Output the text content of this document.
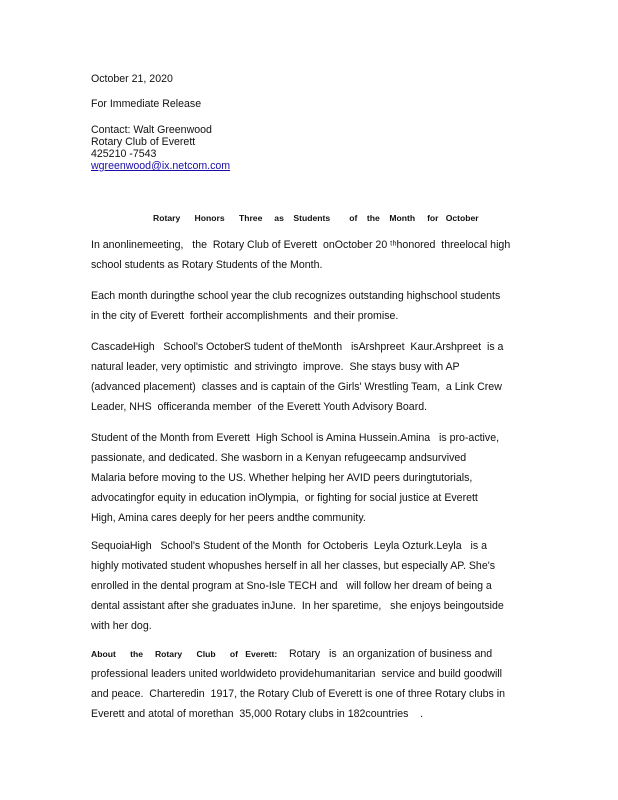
October 21, 2020
For Immediate Release
Contact: Walt Greenwood
Rotary Club of Everett
425210 -7543
wgreenwood@ix.netcom.com
Rotary      Honors      Three     as    Students        of    the    Month     for   October
In anonlinemeeting,   the  Rotary Club of Everett  onOctober 20 ᵗʰhonored  threelocal high
school students as Rotary Students of the Month.
Each month duringthe school year the club recognizes outstanding highschool students
in the city of Everett  fortheir accomplishments  and their promise.
CascadeHigh   School's OctoberS tudent of theMonth   isArshpreet  Kaur.Arshpreet  is a
natural leader, very optimistic  and strivingto  improve.  She stays busy with AP
(advanced placement)  classes and is captain of the Girls' Wrestling Team,  a Link Crew
Leader, NHS  officeranda member  of the Everett Youth Advisory Board.
Student of the Month from Everett  High School is Amina Hussein.Amina   is pro-active,
passionate, and dedicated. She wasborn in a Kenyan refugeecamp andsurvived
Malaria before moving to the US. Whether helping her AVID peers duringtutorials,
advocatingfor equity in education inOlympia,  or fighting for social justice at Everett
High, Amina cares deeply for her peers andthe community.
SequoiaHigh   School's Student of the Month  for Octoberis  Leyla Ozturk.Leyla   is a
highly motivated student whopushes herself in all her classes, but especially AP. She's
enrolled in the dental program at Sno-Isle TECH and   will follow her dream of being a
dental assistant after she graduates inJune.  In her sparetime,   she enjoys beingoutside
with her dog.
About      the     Rotary      Club      of   Everett:    Rotary   is  an organization of business and
professional leaders united worldwideto providehumanitarian  service and build goodwill
and peace.  Charteredin  1917, the Rotary Club of Everett is one of three Rotary clubs in
Everett and atotal of morethan  35,000 Rotary clubs in 182countries    .
